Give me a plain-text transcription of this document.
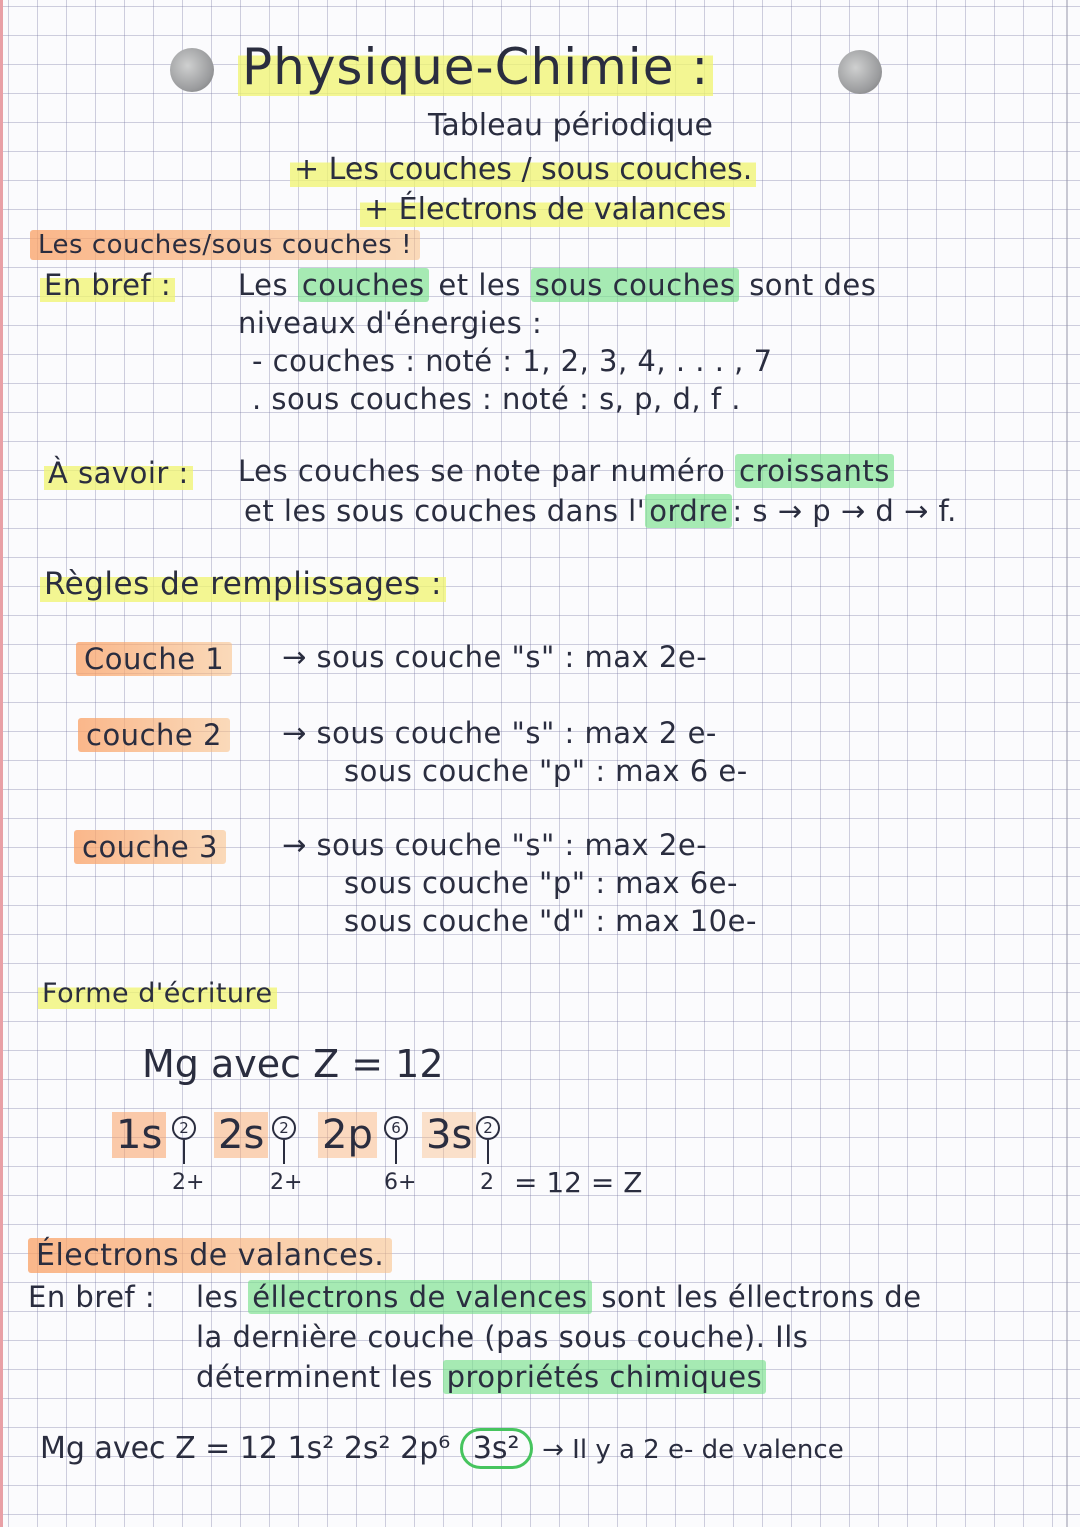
Physique-Chimie :
Tableau périodique
+ Les couches / sous couches.
+ Électrons de valances
Les couches/sous couches !
En bref : Les couches et les sous couches sont des
niveaux d'énergies :
- couches : noté : 1, 2, 3, 4, . . . , 7
. sous couches : noté : s, p, d, f .
À savoir : Les couches se note par numéro croissants
et les sous couches dans l' ordre : s → p → d → f.
Règles de remplissages :
Couche 1 → sous couche "s" : max 2e-
couche 2 → sous couche "s" : max 2 e-
sous couche "p" : max 6 e-
couche 3 → sous couche "s" : max 2e-
sous couche "p" : max 6e-
sous couche "d" : max 10e-
Forme d'écriture
Mg avec Z = 12
1s	2
2+
2s 2
2+
2p	6
6+
3s 2
2 = 12 = Z
Électrons de valances.
En bref : les éllectrons de valences sont les éllectrons de
la dernière couche (pas sous couche). Ils
déterminent les propriétés chimiques
Mg avec Z = 12 1s² 2s² 2p⁶ 3s² → Il y a 2 e- de valence
